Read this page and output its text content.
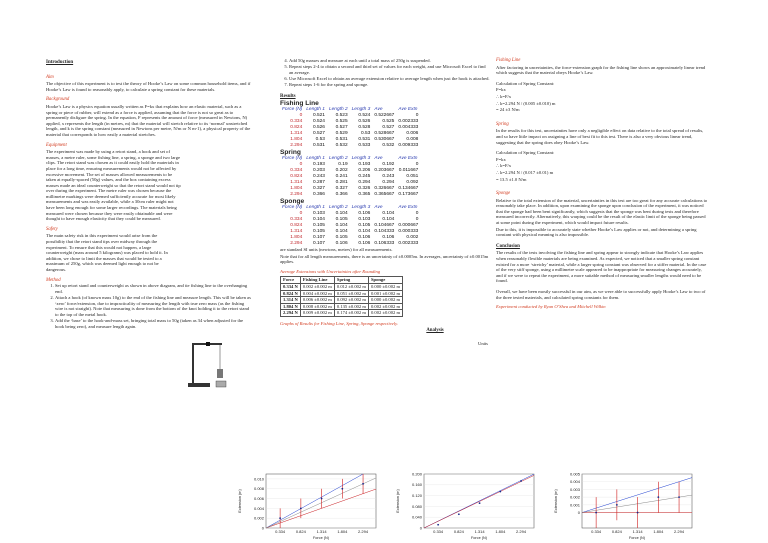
Introduction
Aim

The objective of this experiment is to test the theory of Hooke’s Law on some common household items, and if Hooke’s Law is found to reasonably apply, to calculate a spring constant for these materials.

Background

Hooke’s Law is a physics equation usually written as F=kx that explains how an elastic material, such as a spring or piece of rubber, will extend as a force is applied, assuming that the force is not so great as to permanently disfigure the spring. In the equation, F represents the amount of force (measured in Newtons, N) applied, x represents the length (in metres, m) that the material will stretch relative to its ‘normal’ unstretched length, and k is the spring constant (measured in Newtons per metre, N/m or N m-1), a physical property of the material that corresponds to how easily a material stretches.

Equipment

The experiment was made by using a retort stand, a hook and set of masses, a metre ruler, some fishing line, a spring, a sponge and two large clips. The retort stand was chosen as it could easily hold the materials in place for a long time, ensuring measurements would not be affected by excessive movement. The set of masses allowed measurements to be taken at equally-spaced (50g) values, and the box containing excess masses made an ideal counterweight so that the retort stand would not tip over during the experiment. The metre ruler was chosen because the millimetre markings were deemed sufficiently accurate for most likely measurements and was easily available, while a 30cm ruler might not have been long enough for some larger recordings. The materials being measured were chosen because they were easily obtainable and were thought to have enough elasticity that they could be measured.

Safety

The main safety risk in this experiment would arise from the possibility that the retort stand tips over midway through the experiment. To ensure that this would not happen, a large counterweight (mass around 5 kilograms) was placed to hold it. In addition, we chose to limit the masses that would be tested to a maximum of 250g, which was deemed light enough to not be dangerous.

Method
1. Set up retort stand and counterweight as shown in above diagram, and tie fishing line to the overhanging end.
2. Attach a hook (of known mass 10g) to the end of the fishing line and measure length. This will be taken as ‘zero’ force/extension, due to impracticality of measuring the length with true zero mass (as the fishing wire is not straight). Note that measuring is done from the bottom of the knot holding it to the retort stand to the top of the metal hook.
3. Add the ‘base’ to the hook-and-mass set, bringing total mass to 50g (taken as 34 when adjusted for the hook being zero), and measure length again.
4. Add 50g masses and measure at each until a total mass of 250g is suspended.
5. Repeat steps 2-4 to obtain a second and third set of values for each weight, and use Microsoft Excel to find an average.
6. Use Microsoft Excel to obtain an average extension relative to average length when just the hook is attached.
7. Repeat steps 1-6 for the spring and sponge.
Results
Fishing Line
Force (N)	Length 1	Length 2	Length 3	Ave	Ave Extn
0	0.521	0.523	0.524	0.522667	0
0.334	0.524	0.525	0.526	0.525	0.002333
0.824	0.526	0.527	0.528	0.527	0.004333
1.314	0.527	0.529	0.53	0.528667	0.006
1.804	0.53	0.531	0.531	0.530667	0.008
2.294	0.531	0.532	0.533	0.532	0.009333
Spring
Force (N)	Length 1	Length 2	Length 3	Ave	Ave Extn
0	0.193	0.19	0.193	0.192	0
0.334	0.203	0.202	0.206	0.203667	0.011667
0.824	0.243	0.241	0.245	0.243	0.051
1.314	0.287	0.281	0.294	0.294	0.092
1.804	0.327	0.327	0.326	0.326667	0.134667
2.294	0.366	0.366	0.365	0.365667	0.173667
Sponge
Force (N)	Length 1	Length 2	Length 3	Ave	Ave Extn
0	0.103	0.104	0.106	0.104	0
0.334	0.104	0.105	0.103	0.104	0
0.824	0.105	0.104	0.105	0.104667	0.000667
1.314	0.105	0.104	0.104	0.104333	0.000333
1.804	0.107	0.105	0.106	0.106	0.002
2.294	0.107	0.106	0.106	0.106333	0.002333

are standard SI units (newtons, metres) for all measurements.

Note that for all length measurements, there is an uncertainty of ±0.0005m. In averages, uncertainty of ±0.0015m applies.

Average Extensions with Uncertainties after Rounding
Force	Fishing Line	Spring	Sponge
0.334 N	0.002 ±0.002 m	0.012 ±0.002 m	0.000 ±0.002 m
0.824 N	0.004 ±0.002 m	0.051 ±0.002 m	0.001 ±0.002 m
1.314 N	0.006 ±0.002 m	0.092 ±0.002 m	0.000 ±0.002 m
1.804 N	0.008 ±0.002 m	0.135 ±0.002 m	0.002 ±0.002 m
2.294 N	0.009 ±0.002 m	0.174 ±0.002 m	0.002 ±0.002 m
Graphs of Results for Fishing Line, Spring, Sponge respectively.
Analysis
Units
Fishing Line

After factoring in uncertainties, the force-extension graph for the fishing line shows an approximately linear trend which suggests that the material obeys Hooke’s Law.

Calculation of Spring Constant:

F=kx

∴ k=F/x

∴ k=2.294 N / (0.005 ±0.010) m

= 24 ±3 N/m

Spring

In the results for this test, uncertainties have only a negligible effect on data relative to the total spread of results, and so have little impact on assigning a line of best fit to this test. There is also a very obvious linear trend, suggesting that the spring does obey Hooke’s Law.

Calculation of Spring Constant:

F=kx

∴ k=F/x

∴ k=2.294 N / (0.017 ±0.01) m

= 13.5 ±1.0 N/m

Sponge

Relative to the total extension of the material, uncertainties in this test are too great for any accurate calculations to reasonably take place. In addition, upon examining the sponge upon conclusion of the experiment, it was noticed that the sponge had been bent significantly, which suggests that the sponge was bent during tests and therefore measured incorrectly. Alternatively, this warping could be the result of the elastic limit of the sponge being passed at some point during the experiment, which would impact future results.

Due to this, it is impossible to accurately state whether Hooke’s Law applies or not, and determining a spring constant with physical meaning is also impossible.

Conclusion

The results of the tests involving the fishing line and spring appear to strongly indicate that Hooke’s Law applies when reasonably flexible materials are being examined. As expected, we noticed that a smaller spring constant existed for a more ‘stretchy’ material, while a larger spring constant was observed for a stiffer material. In the case of the very stiff sponge, using a millimetre scale appeared to be inappropriate for measuring changes accurately, and if we were to repeat the experiment, a more suitable method of measuring smaller lengths would need to be found.

Overall, we have been mostly successful in our aim, as we were able to successfully apply Hooke’s Law to two of the three tested materials, and calculated spring constants for them.

Experiment conducted by Ryan O’Shea and Mitchell Wilkin
0
0.002
0.004
0.006
0.008
0.010
0.334	0.824	1.314	1.804	2.294
Force (N)
Extension (m)
0
0.040
0.080
0.120
0.160
0.200
0.334	0.824	1.314	1.804	2.294
Force (N)
Extension (m)	0
0.001
0.002
0.003
0.004
0.005
0.334	0.824	1.314	1.804	2.294
Force (N)
Extension (m)
